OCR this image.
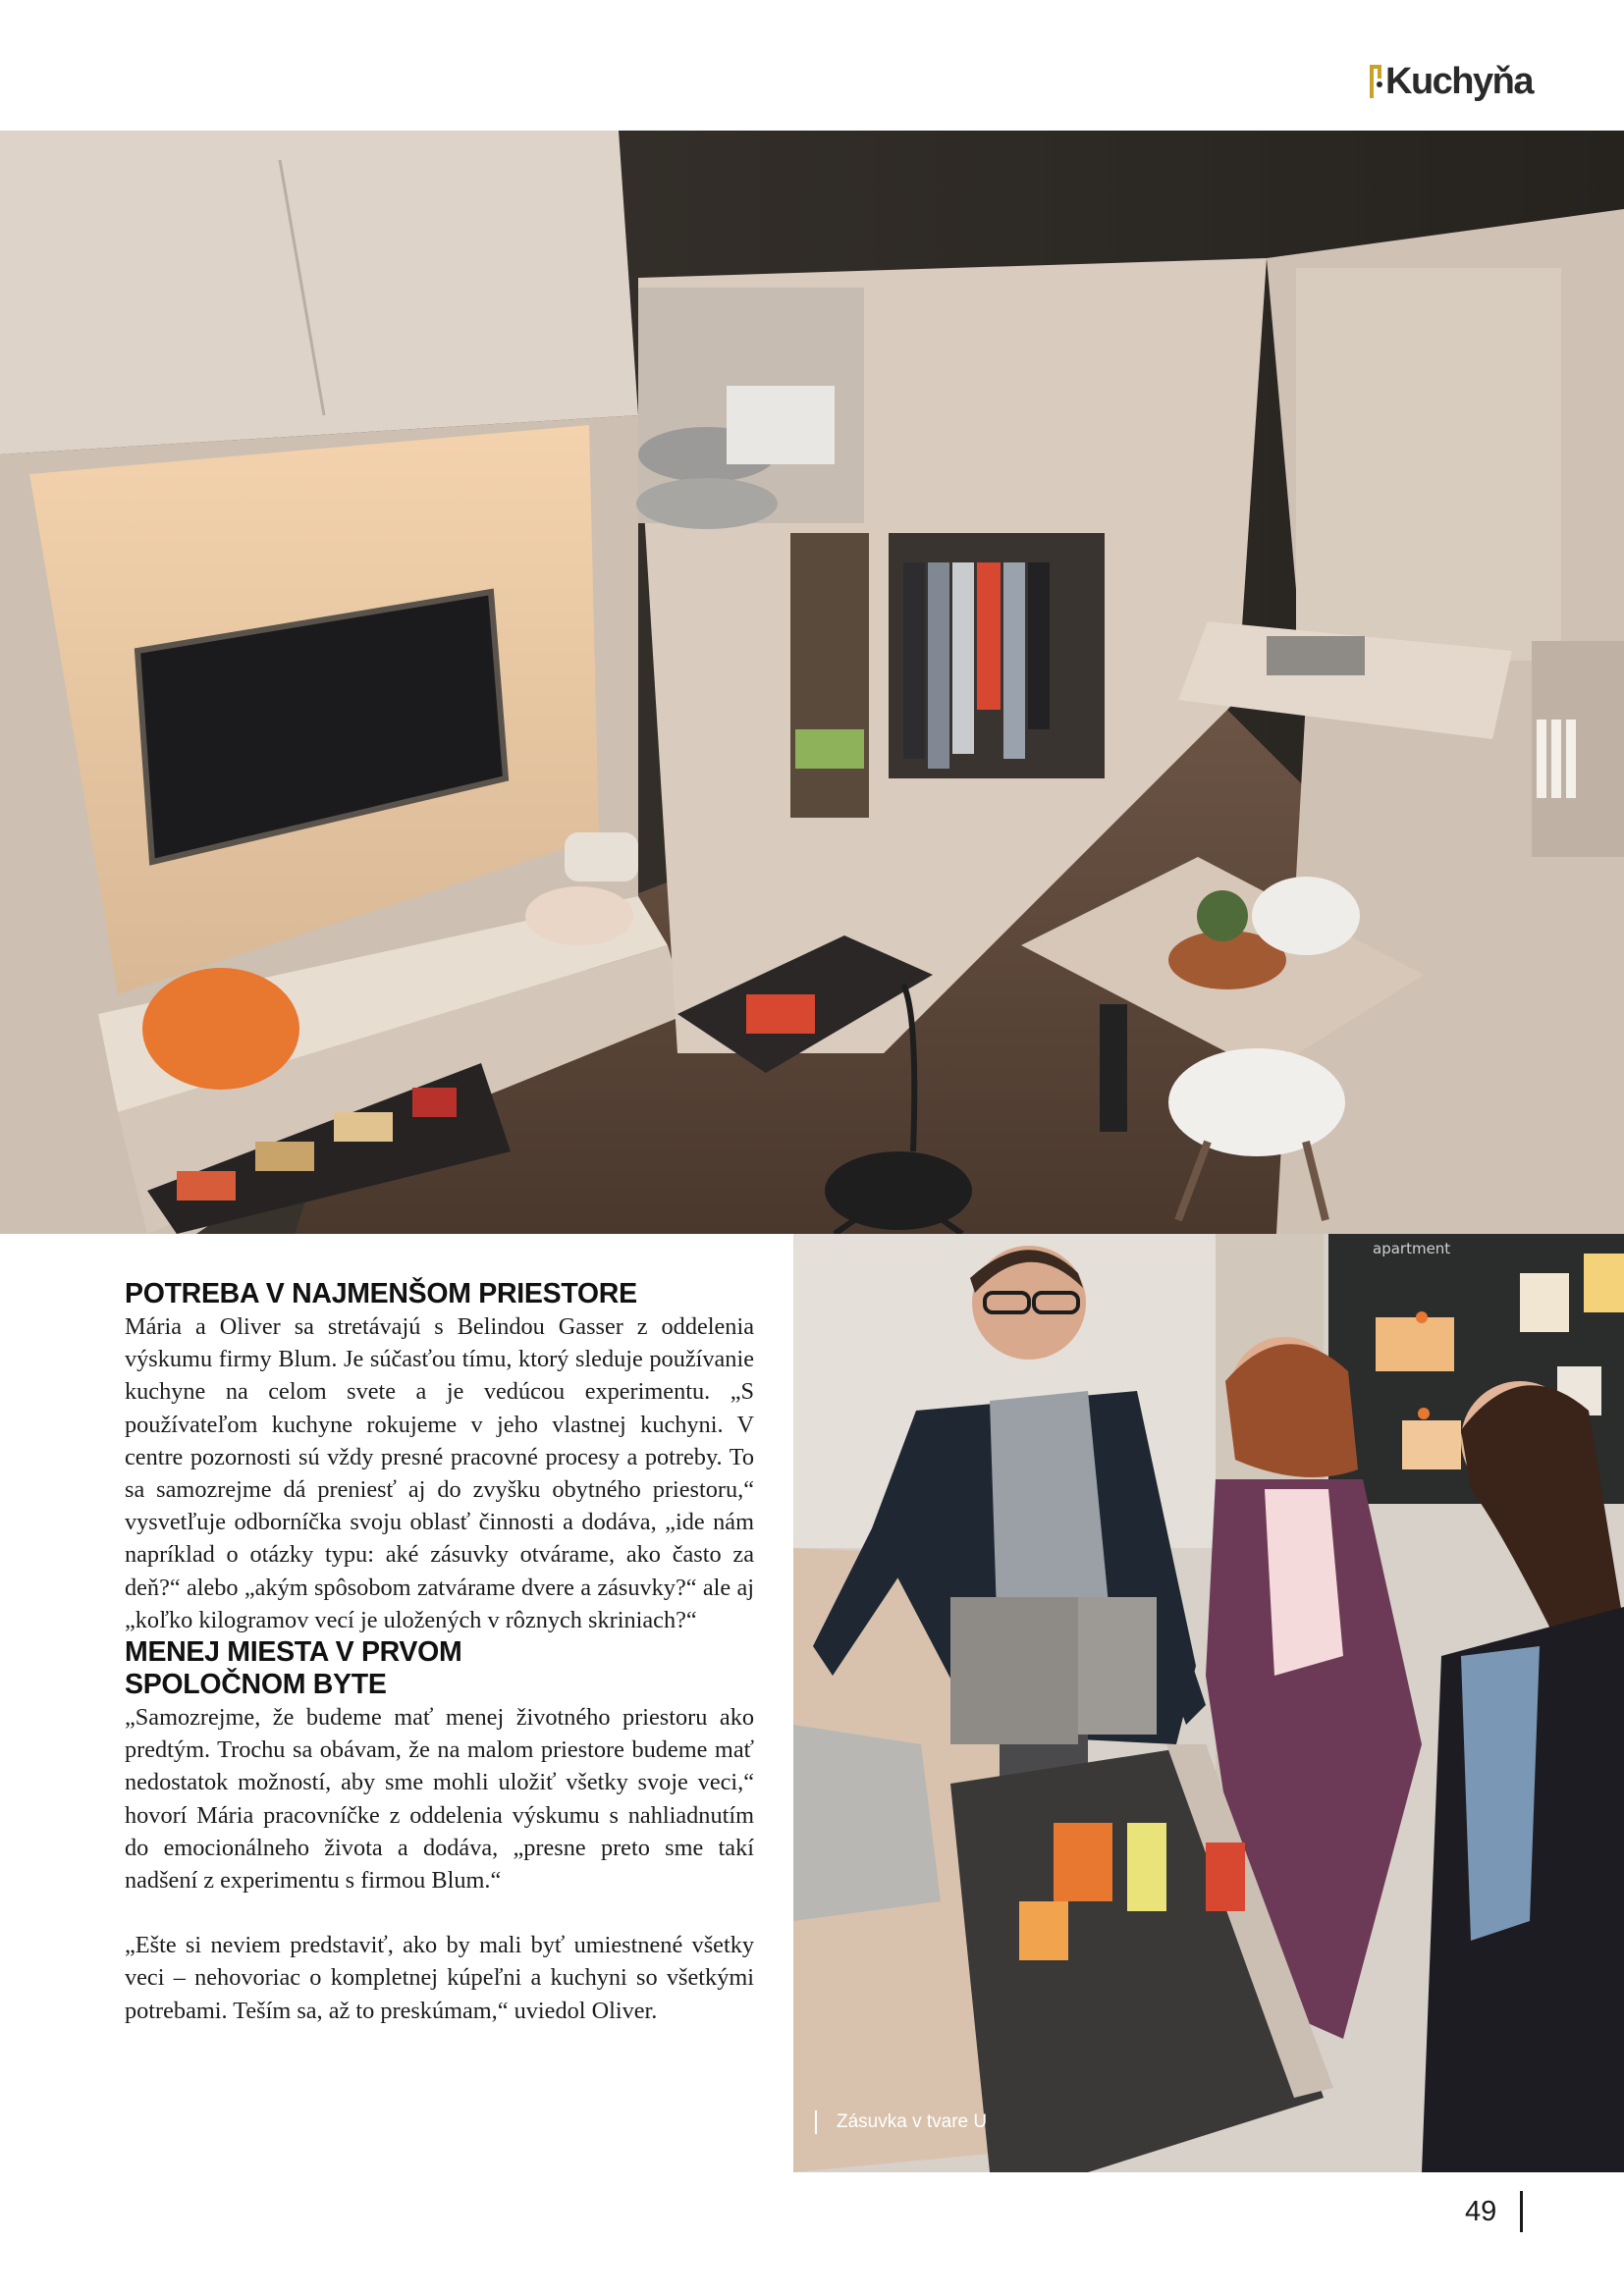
Kuchyňa
apartment
Zásuvka v tvare U
POTREBA V NAJMENŠOM PRIESTORE

Mária a Oliver sa stretávajú s Belindou Gasser z oddelenia výskumu firmy Blum. Je súčasťou tímu, ktorý sleduje používanie kuchyne na celom svete a je vedúcou experimentu. „S používateľom kuchyne rokujeme v jeho vlastnej kuchyni. V centre pozornosti sú vždy presné pracovné procesy a potreby. To sa samozrejme dá preniesť aj do zvyšku obytného priestoru,“ vysvetľuje odborníčka svoju oblasť činnosti a dodáva, „ide nám napríklad o otázky typu: aké zásuvky otvárame, ako často za deň?“ alebo „akým spôsobom zatvárame dvere a zásuvky?“ ale aj „koľko kilogramov vecí je uložených v rôznych skriniach?“

MENEJ MIESTA V PRVOM
SPOLOČNOM BYTE

„Samozrejme, že budeme mať menej životného priestoru ako predtým. Trochu sa obávam, že na malom priestore budeme mať nedostatok možností, aby sme mohli uložiť všetky svoje veci,“ hovorí Mária pracovníčke z oddelenia výskumu s nahliadnutím do emocionálneho života a dodáva, „presne preto sme takí nadšení z experimentu s firmou Blum.“

„Ešte si neviem predstaviť, ako by mali byť umiestnené všetky veci – nehovoriac o kompletnej kúpeľni a kuchyni so všetkými potrebami. Teším sa, až to preskúmam,“ uviedol Oliver.

49
